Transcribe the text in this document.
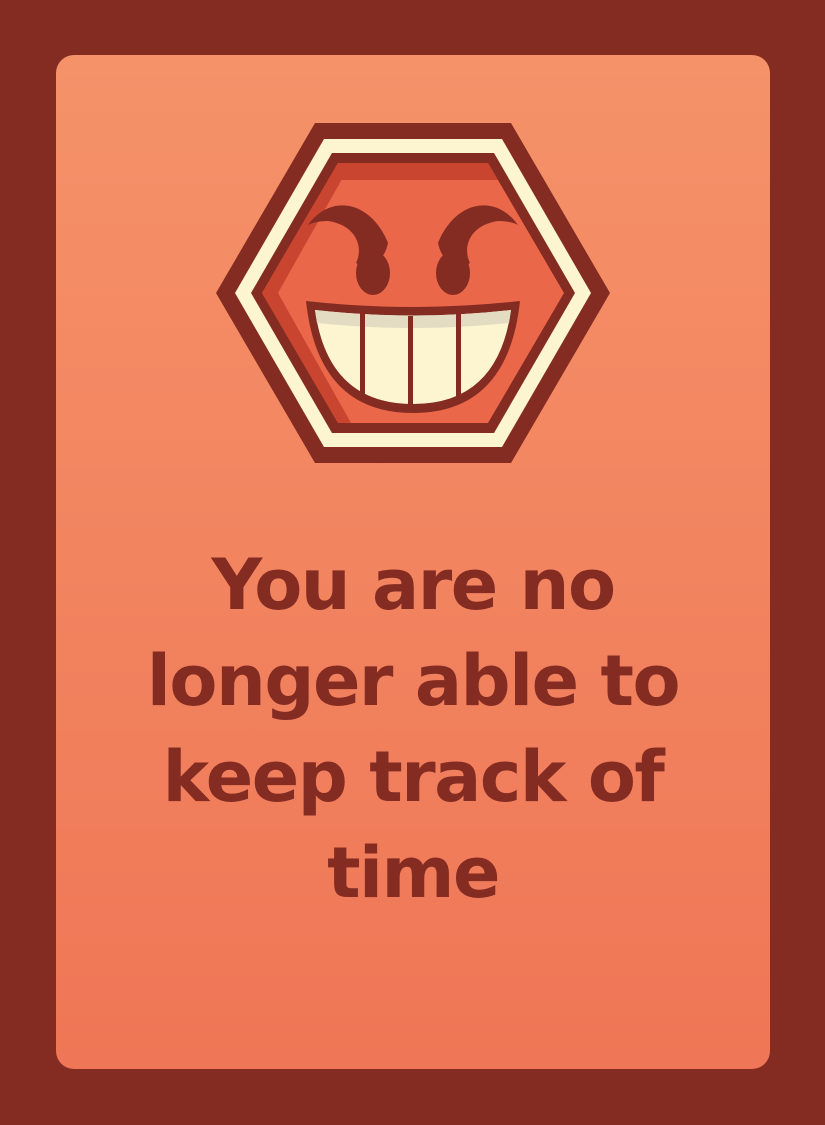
You are no longer able to keep track of time
